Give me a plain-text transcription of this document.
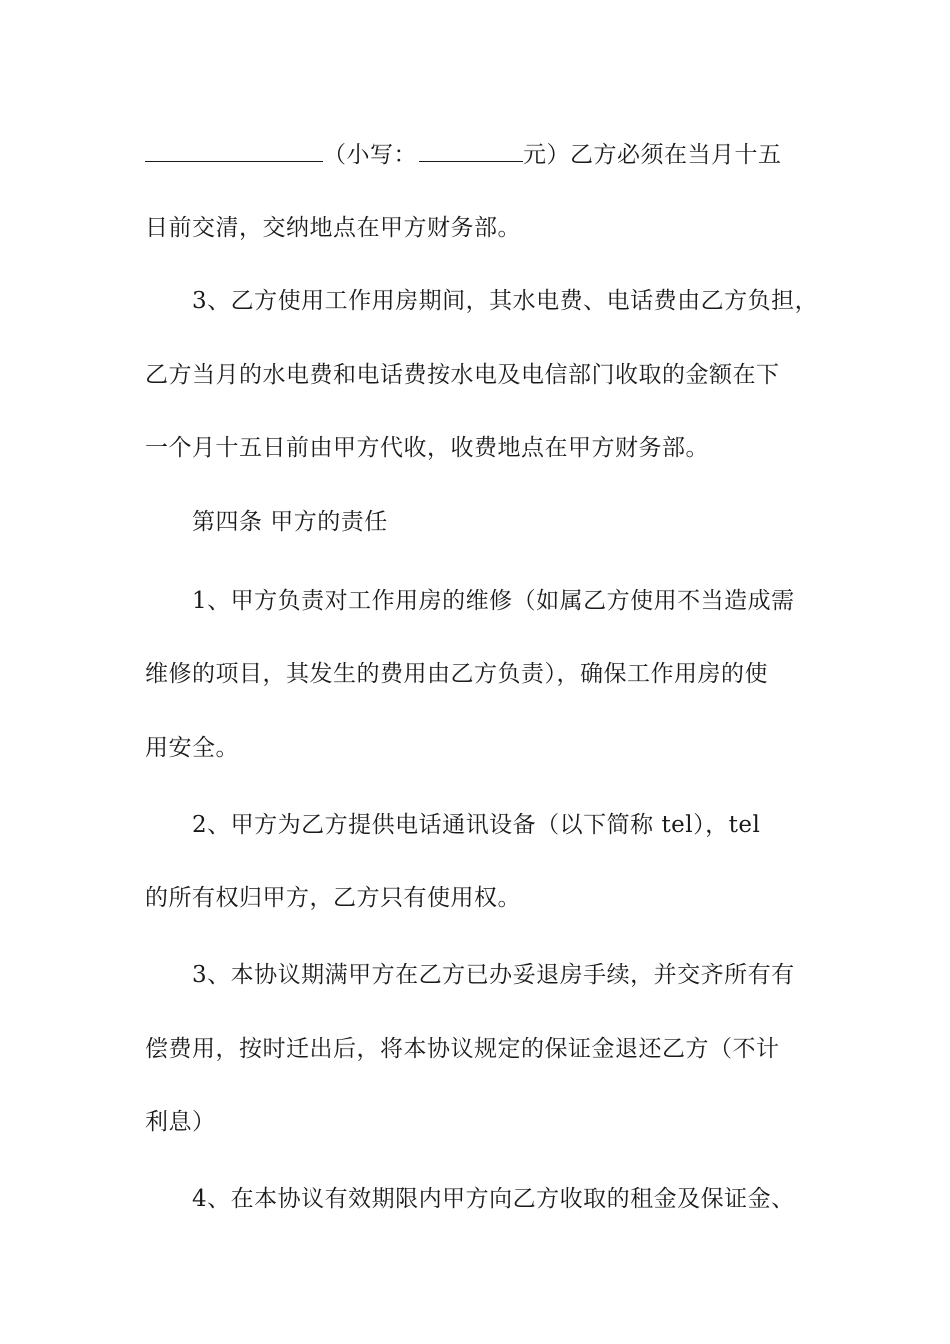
（小写：	元）乙方必须在当月十五
日前交清，交纳地点在甲方财务部。
3、乙方使用工作用房期间，其水电费、电话费由乙方负担，
乙方当月的水电费和电话费按水电及电信部门收取的金额在下
一个月十五日前由甲方代收，收费地点在甲方财务部。
第四条 甲方的责任
1、甲方负责对工作用房的维修（如属乙方使用不当造成需
维修的项目，其发生的费用由乙方负责），确保工作用房的使
用安全。
2、甲方为乙方提供电话通讯设备（以下简称 tel），tel
的所有权归甲方，乙方只有使用权。
3、本协议期满甲方在乙方已办妥退房手续，并交齐所有有
偿费用，按时迁出后，将本协议规定的保证金退还乙方（不计
利息）
4、在本协议有效期限内甲方向乙方收取的租金及保证金、
